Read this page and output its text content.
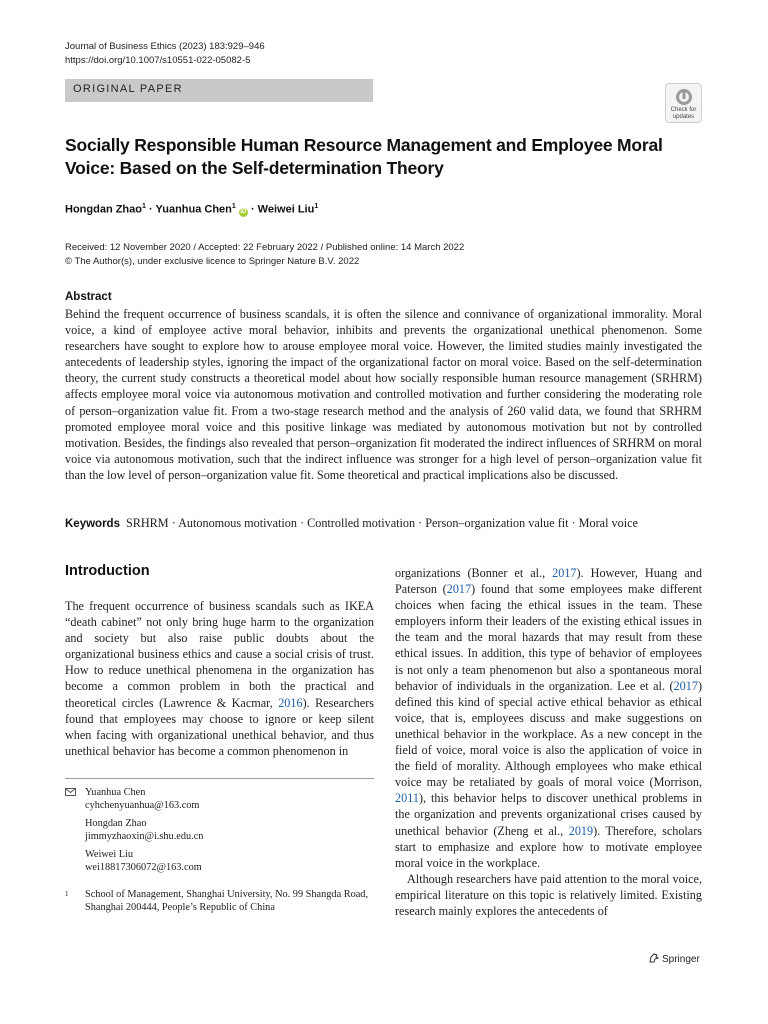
Journal of Business Ethics (2023) 183:929–946
https://doi.org/10.1007/s10551-022-05082-5
ORIGINAL PAPER
Check for
updates
Socially Responsible Human Resource Management and Employee Moral Voice: Based on the Self-determination Theory
Hongdan Zhao$^1$ · Yuanhua Chen$^1$ iD · Weiwei Liu$^1$
Received: 12 November 2020 / Accepted: 22 February 2022 / Published online: 14 March 2022
© The Author(s), under exclusive licence to Springer Nature B.V. 2022
Abstract
Behind the frequent occurrence of business scandals, it is often the silence and connivance of organizational immorality. Moral voice, a kind of employee active moral behavior, inhibits and prevents the organizational unethical phenomenon. Some researchers have sought to explore how to arouse employee moral voice. However, the limited studies mainly investigated the antecedents of leadership styles, ignoring the impact of the organizational factor on moral voice. Based on the self-determination theory, the current study constructs a theoretical model about how socially responsible human resource management (SRHRM) affects employee moral voice via autonomous motivation and controlled motivation and further considering the moderating role of person–organization value fit. From a two-stage research method and the analysis of 260 valid data, we found that SRHRM promoted employee moral voice and this positive linkage was mediated by autonomous motivation but not by controlled motivation. Besides, the findings also revealed that person–organization fit moderated the indirect influences of SRHRM on moral voice via autonomous motivation, such that the indirect influence was stronger for a high level of person–organization value fit than the low level of person–organization value fit. Some theoretical and practical implications also be discussed.
Keywords SRHRM · Autonomous motivation · Controlled motivation · Person–organization value fit · Moral voice
Introduction
The frequent occurrence of business scandals such as IKEA “death cabinet” not only bring huge harm to the organization and society but also raise public doubts about the organizational business ethics and cause a social crisis of trust. How to reduce unethical phenomena in the organization has become a common problem in both the practical and theoretical circles (Lawrence & Kacmar, 2016). Researchers found that employees may choose to ignore or keep silent when facing with organizational unethical behavior, and thus unethical behavior has become a common phenomenon in
organizations (Bonner et al., 2017). However, Huang and Paterson (2017) found that some employees make different choices when facing the ethical issues in the team. These employers inform their leaders of the existing ethical issues in the team and the moral hazards that may result from these ethical issues. In addition, this type of behavior of employees is not only a team phenomenon but also a spontaneous moral behavior of individuals in the organization. Lee et al. (2017) defined this kind of special active ethical behavior as ethical voice, that is, employees discuss and make suggestions on unethical behavior in the workplace. As a new concept in the field of voice, moral voice is also the application of voice in the field of morality. Although employees who make ethical voice may be retaliated by goals of moral voice (Morrison, 2011), this behavior helps to discover unethical problems in the organization and prevents organizational crises caused by unethical behavior (Zheng et al., 2019). Therefore, scholars start to emphasize and explore how to motivate employee moral voice in the workplace.
Although researchers have paid attention to the moral voice, empirical literature on this topic is relatively limited. Existing research mainly explores the antecedents of
Yuanhua Chen
cyhchenyuanhua@163.com
Hongdan Zhao
jimmyzhaoxin@i.shu.edu.cn
Weiwei Liu
wei18817306072@163.com
1 School of Management, Shanghai University, No. 99 Shangda Road, Shanghai 200444, People’s Republic of China
Springer
